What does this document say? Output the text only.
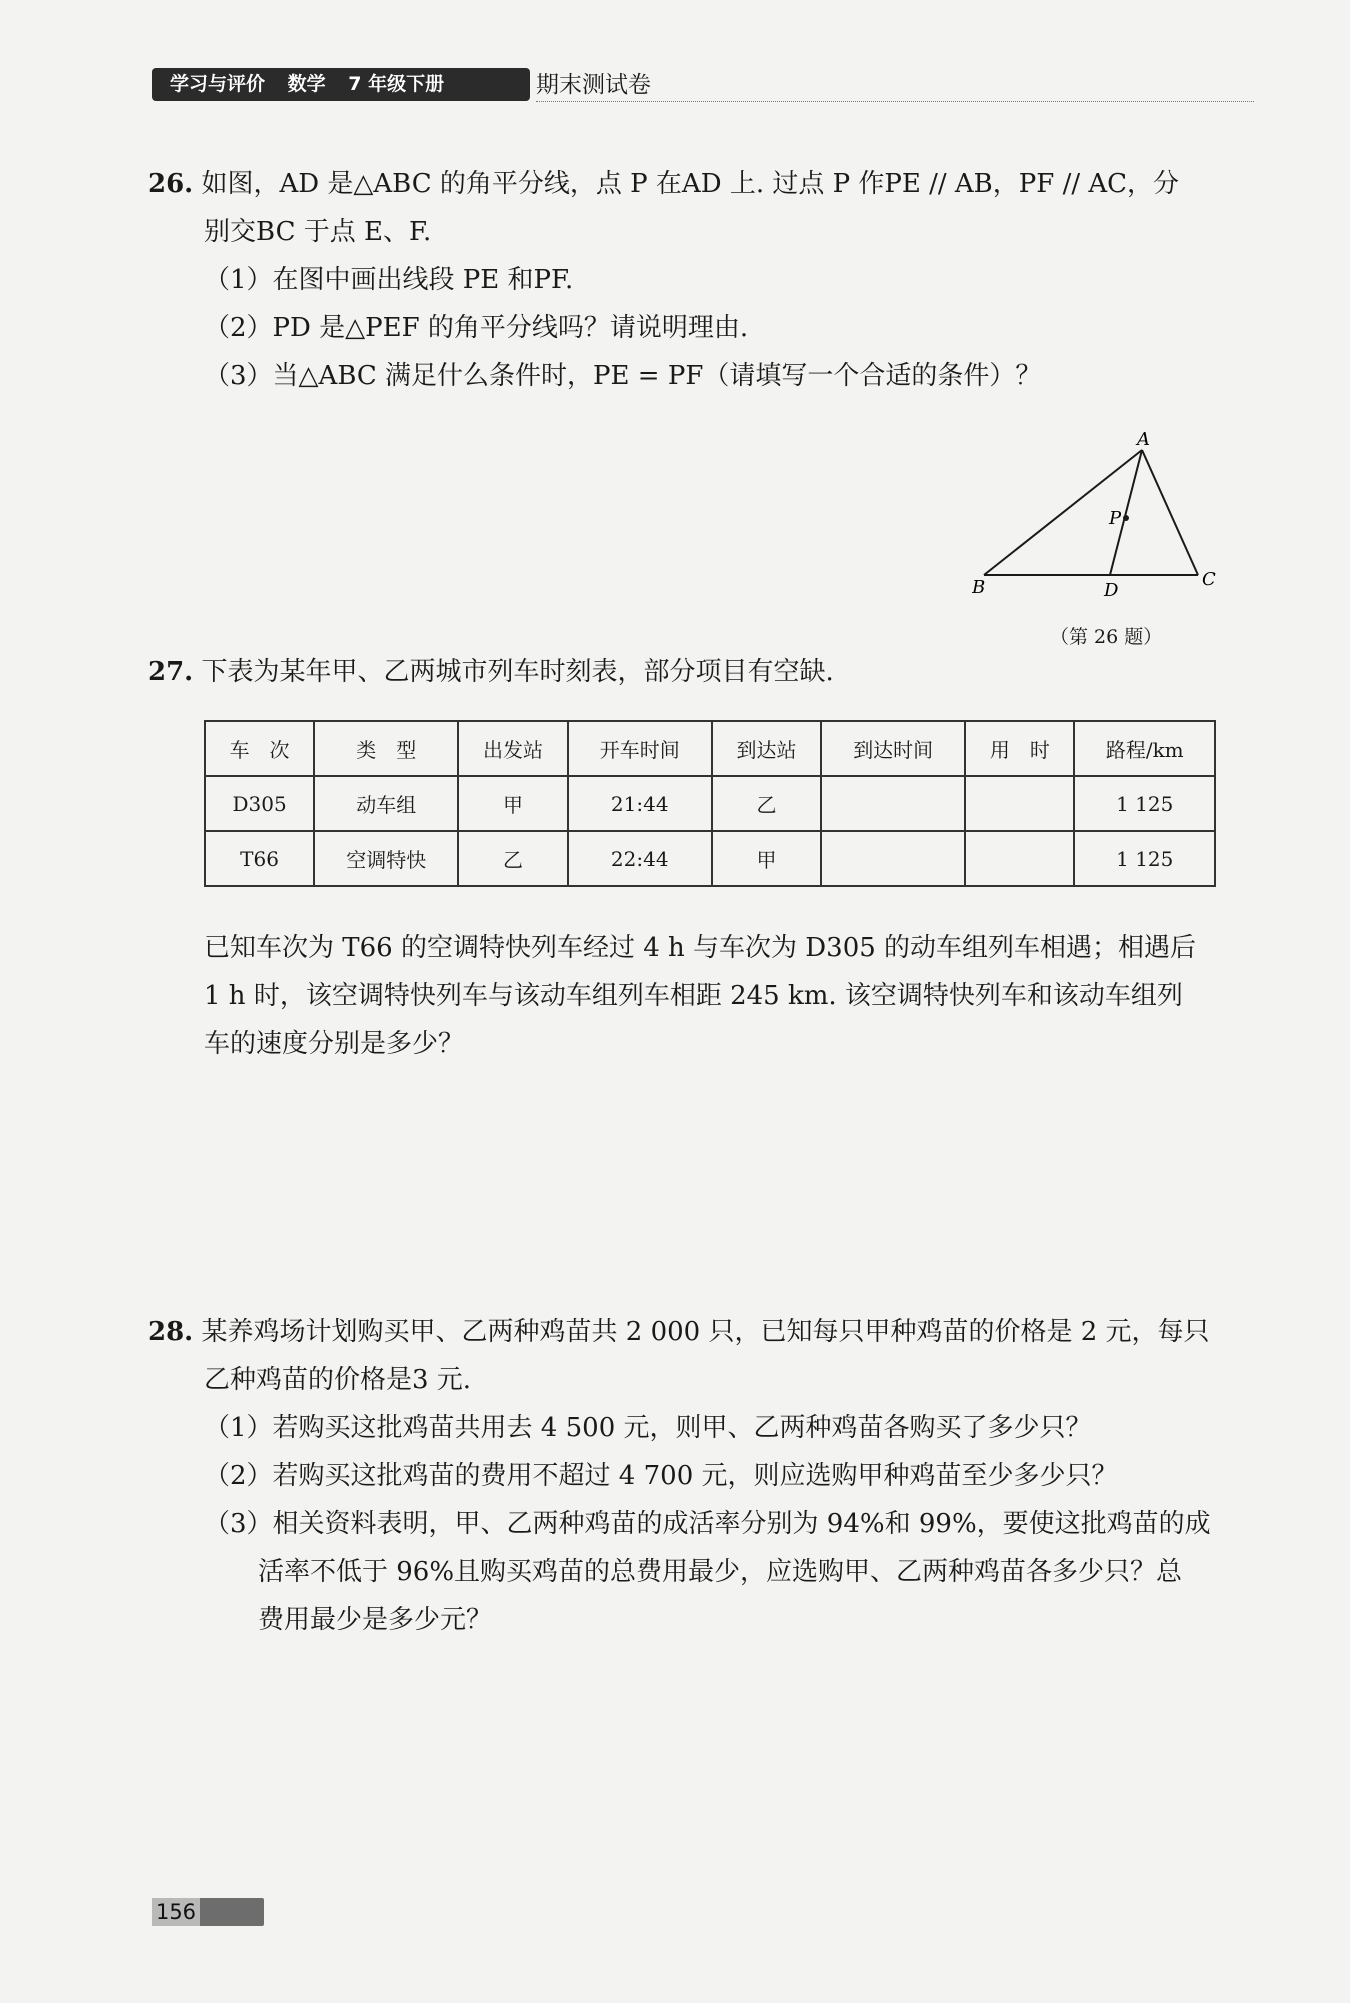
学习与评价 数学 7 年级下册	期末测试卷
26. 如图，AD 是△ABC 的角平分线，点 P 在AD 上. 过点 P 作PE // AB，PF // AC，分
别交BC 于点 E、F.
（1）在图中画出线段 PE 和PF.
（2）PD 是△PEF 的角平分线吗？请说明理由.
（3）当△ABC 满足什么条件时，PE = PF（请填写一个合适的条件）？
A
B	C
D
P
（第 26 题）
27. 下表为某年甲、乙两城市列车时刻表，部分项目有空缺.
车　次	类　型	出发站	开车时间	到达站	到达时间	用　时	路程/km
D305	动车组	甲	21:44	乙			1 125
T66	空调特快	乙	22:44	甲			1 125
已知车次为 T66 的空调特快列车经过 4 h 与车次为 D305 的动车组列车相遇；相遇后
1 h 时，该空调特快列车与该动车组列车相距 245 km. 该空调特快列车和该动车组列
车的速度分别是多少？
28. 某养鸡场计划购买甲、乙两种鸡苗共 2 000 只，已知每只甲种鸡苗的价格是 2 元，每只
乙种鸡苗的价格是3 元.
（1）若购买这批鸡苗共用去 4 500 元，则甲、乙两种鸡苗各购买了多少只？
（2）若购买这批鸡苗的费用不超过 4 700 元，则应选购甲种鸡苗至少多少只？
（3）相关资料表明，甲、乙两种鸡苗的成活率分别为 94%和 99%，要使这批鸡苗的成
活率不低于 96%且购买鸡苗的总费用最少，应选购甲、乙两种鸡苗各多少只？总
费用最少是多少元？
156
